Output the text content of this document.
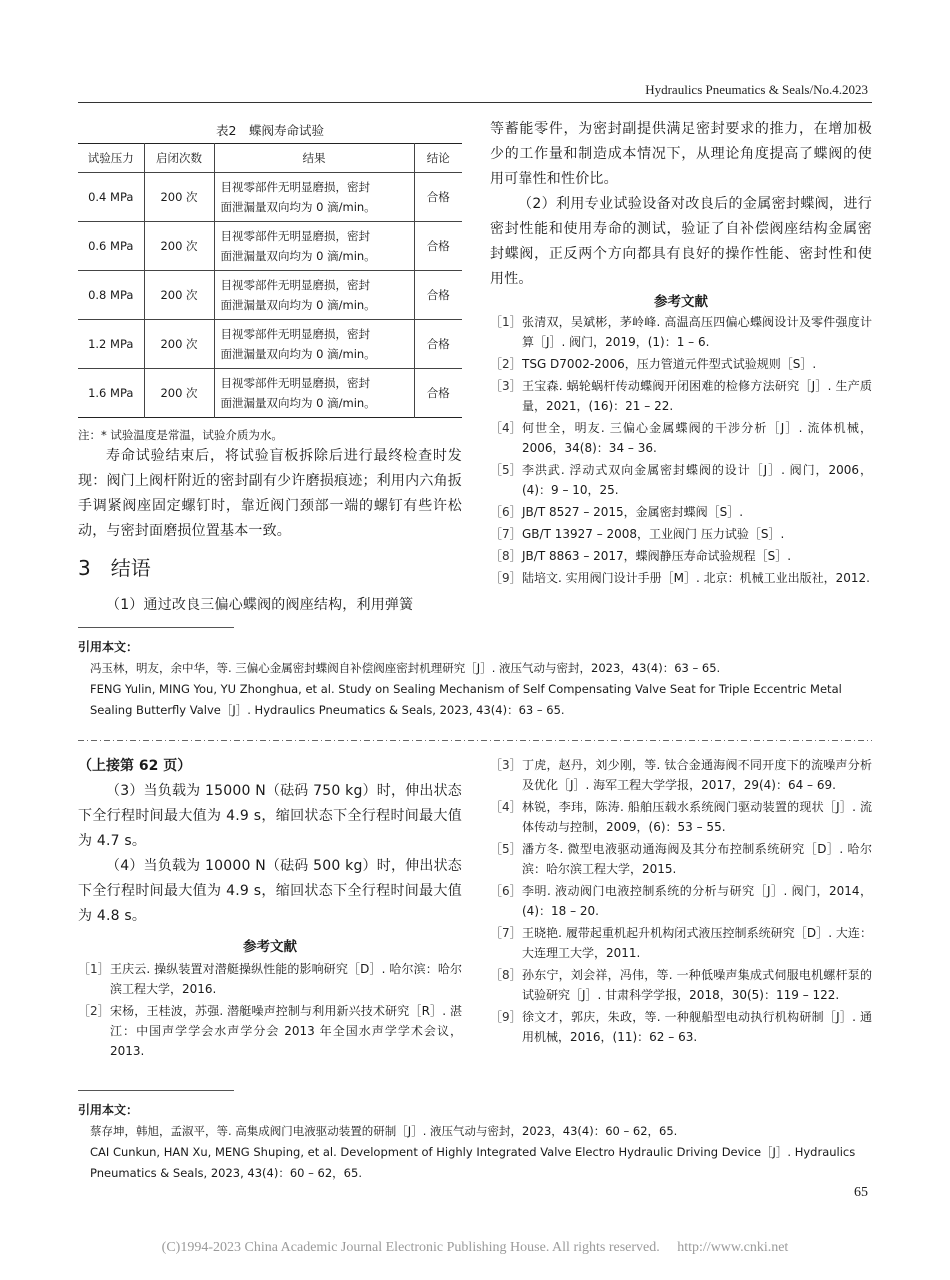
Hydraulics Pneumatics & Seals/No.4.2023
表2　蝶阀寿命试验
试验压力	启闭次数	结果	结论
0.4 MPa	200 次	目视零部件无明显磨损，密封
面泄漏量双向均为 0 滴/min。	合格
0.6 MPa	200 次	目视零部件无明显磨损，密封
面泄漏量双向均为 0 滴/min。	合格
0.8 MPa	200 次	目视零部件无明显磨损，密封
面泄漏量双向均为 0 滴/min。	合格
1.2 MPa	200 次	目视零部件无明显磨损，密封
面泄漏量双向均为 0 滴/min。	合格
1.6 MPa	200 次	目视零部件无明显磨损，密封
面泄漏量双向均为 0 滴/min。	合格
注：* 试验温度是常温，试验介质为水。

寿命试验结束后，将试验盲板拆除后进行最终检查时发现：阀门上阀杆附近的密封副有少许磨损痕迹；利用内六角扳手调紧阀座固定螺钉时，靠近阀门颈部一端的螺钉有些许松动，与密封面磨损位置基本一致。

3　结语

（1）通过改良三偏心蝶阀的阀座结构，利用弹簧

等蓄能零件，为密封副提供满足密封要求的推力，在增加极少的工作量和制造成本情况下，从理论角度提高了蝶阀的使用可靠性和性价比。

（2）利用专业试验设备对改良后的金属密封蝶阀，进行密封性能和使用寿命的测试，验证了自补偿阀座结构金属密封蝶阀，正反两个方向都具有良好的操作性能、密封性和使用性。

参考文献
［1］ 张清双，吴斌彬，茅岭峰. 高温高压四偏心蝶阀设计及零件强度计算［J］. 阀门，2019，(1)：1 – 6.
［2］ TSG D7002-2006，压力管道元件型式试验规则［S］.
［3］ 王宝森. 蜗轮蜗杆传动蝶阀开闭困难的检修方法研究［J］. 生产质量，2021，(16)：21 – 22.
［4］ 何世全，明友. 三偏心金属蝶阀的干涉分析［J］. 流体机械，2006，34(8)：34 – 36.
［5］ 李洪武. 浮动式双向金属密封蝶阀的设计［J］. 阀门，2006，(4)：9 – 10，25.
［6］ JB/T 8527 – 2015，金属密封蝶阀［S］.
［7］ GB/T 13927 – 2008，工业阀门 压力试验［S］.
［8］ JB/T 8863 – 2017，蝶阀静压寿命试验规程［S］.
［9］ 陆培文. 实用阀门设计手册［M］. 北京：机械工业出版社，2012.
引用本文：
冯玉林，明友，余中华，等. 三偏心金属密封蝶阀自补偿阀座密封机理研究［J］. 液压气动与密封，2023，43(4)：63 – 65.
FENG Yulin, MING You, YU Zhonghua, et al. Study on Sealing Mechanism of Self Compensating Valve Seat for Triple Eccentric Metal
Sealing Butterfly Valve［J］. Hydraulics Pneumatics & Seals, 2023, 43(4)：63 – 65.
（上接第 62 页）

（3）当负载为 15000 N（砝码 750 kg）时，伸出状态下全行程时间最大值为 4.9 s，缩回状态下全行程时间最大值为 4.7 s。

（4）当负载为 10000 N（砝码 500 kg）时，伸出状态下全行程时间最大值为 4.9 s，缩回状态下全行程时间最大值为 4.8 s。

参考文献
［1］ 王庆云. 操纵装置对潜艇操纵性能的影响研究［D］. 哈尔滨：哈尔滨工程大学，2016.
［2］ 宋杨，王桂波，苏强. 潜艇噪声控制与利用新兴技术研究［R］. 湛江：中国声学学会水声学分会 2013 年全国水声学学术会议，2013.
［3］ 丁虎，赵丹，刘少刚，等. 钛合金通海阀不同开度下的流噪声分析及优化［J］. 海军工程大学学报，2017，29(4)：64 – 69.
［4］ 林锐，李玮，陈涛. 船舶压载水系统阀门驱动装置的现状［J］. 流体传动与控制，2009，(6)：53 – 55.
［5］ 潘方冬. 微型电液驱动通海阀及其分布控制系统研究［D］. 哈尔滨：哈尔滨工程大学，2015.
［6］ 李明. 液动阀门电液控制系统的分析与研究［J］. 阀门，2014，(4)：18 – 20.
［7］ 王晓艳. 履带起重机起升机构闭式液压控制系统研究［D］. 大连：大连理工大学，2011.
［8］ 孙东宁，刘会祥，冯伟，等. 一种低噪声集成式伺服电机螺杆泵的试验研究［J］. 甘肃科学学报，2018，30(5)：119 – 122.
［9］ 徐文才，郭庆，朱政，等. 一种舰船型电动执行机构研制［J］. 通用机械，2016，(11)：62 – 63.
引用本文：
蔡存坤，韩旭，孟淑平，等. 高集成阀门电液驱动装置的研制［J］. 液压气动与密封，2023，43(4)：60 – 62，65.
CAI Cunkun, HAN Xu, MENG Shuping, et al. Development of Highly Integrated Valve Electro Hydraulic Driving Device［J］. Hydraulics
Pneumatics & Seals, 2023, 43(4)：60 – 62，65.
65
(C)1994-2023 China Academic Journal Electronic Publishing House. All rights reserved.　 http://www.cnki.net
